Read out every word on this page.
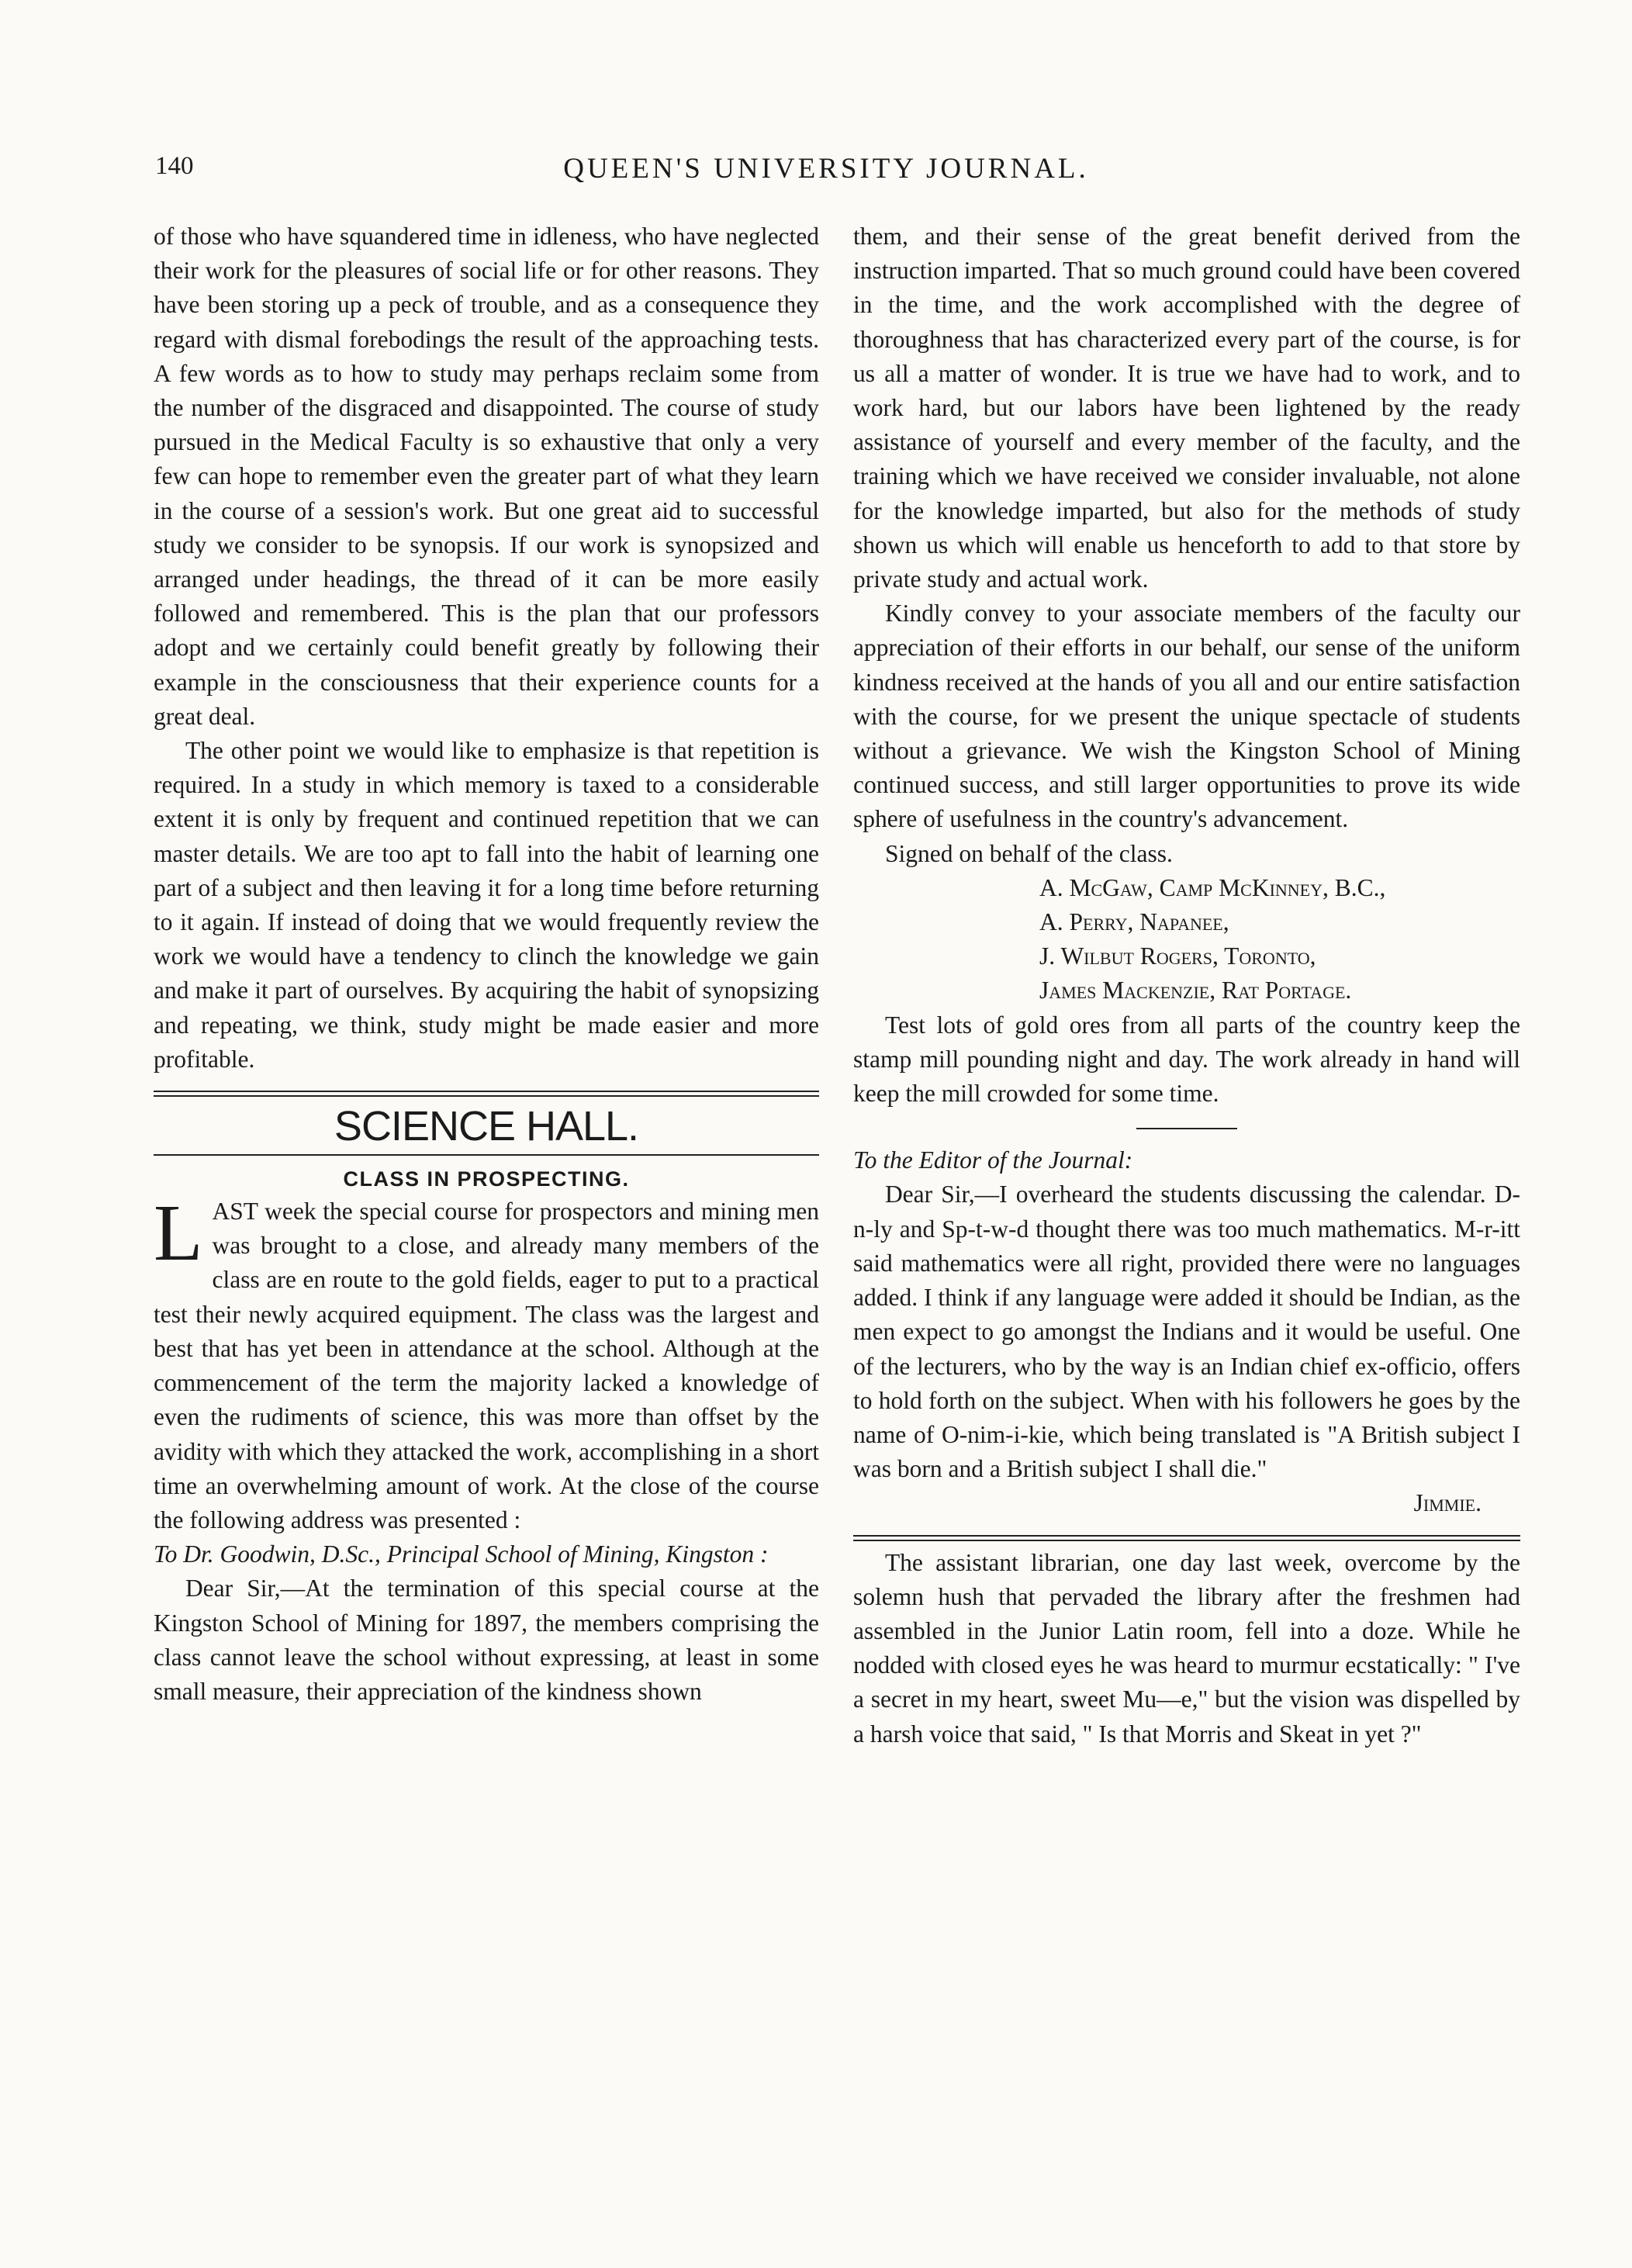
140	QUEEN'S UNIVERSITY JOURNAL.

of those who have squandered time in idleness, who have neglected their work for the pleasures of social life or for other reasons. They have been storing up a peck of trouble, and as a consequence they regard with dismal forebodings the result of the approaching tests. A few words as to how to study may perhaps reclaim some from the number of the disgraced and disappointed. The course of study pursued in the Medical Faculty is so exhaustive that only a very few can hope to remember even the greater part of what they learn in the course of a session's work. But one great aid to successful study we consider to be synopsis. If our work is synopsized and arranged under headings, the thread of it can be more easily followed and remembered. This is the plan that our professors adopt and we certainly could benefit greatly by following their example in the consciousness that their experience counts for a great deal.

The other point we would like to emphasize is that repetition is required. In a study in which memory is taxed to a considerable extent it is only by frequent and continued repetition that we can master details. We are too apt to fall into the habit of learning one part of a subject and then leaving it for a long time before returning to it again. If instead of doing that we would frequently review the work we would have a tendency to clinch the knowledge we gain and make it part of ourselves. By acquiring the habit of synopsizing and repeating, we think, study might be made easier and more profitable.

SCIENCE HALL.
CLASS IN PROSPECTING.

LAST week the special course for prospectors and mining men was brought to a close, and already many members of the class are en route to the gold fields, eager to put to a practical test their newly acquired equipment. The class was the largest and best that has yet been in attendance at the school. Although at the commencement of the term the majority lacked a knowledge of even the rudiments of science, this was more than offset by the avidity with which they attacked the work, accomplishing in a short time an overwhelming amount of work. At the close of the course the following address was presented :

To Dr. Goodwin, D.Sc., Principal School of Mining, Kingston :

Dear Sir,—At the termination of this special course at the Kingston School of Mining for 1897, the members comprising the class cannot leave the school without expressing, at least in some small measure, their appreciation of the kindness shown

them, and their sense of the great benefit derived from the instruction imparted. That so much ground could have been covered in the time, and the work accomplished with the degree of thoroughness that has characterized every part of the course, is for us all a matter of wonder. It is true we have had to work, and to work hard, but our labors have been lightened by the ready assistance of yourself and every member of the faculty, and the training which we have received we consider invaluable, not alone for the knowledge imparted, but also for the methods of study shown us which will enable us henceforth to add to that store by private study and actual work.

Kindly convey to your associate members of the faculty our appreciation of their efforts in our behalf, our sense of the uniform kindness received at the hands of you all and our entire satisfaction with the course, for we present the unique spectacle of students without a grievance. We wish the Kingston School of Mining continued success, and still larger opportunities to prove its wide sphere of usefulness in the country's advancement.

Signed on behalf of the class.

A. McGaw, Camp McKinney, B.C.,
A. Perry, Napanee,
J. Wilbut Rogers, Toronto,
James Mackenzie, Rat Portage.

Test lots of gold ores from all parts of the country keep the stamp mill pounding night and day. The work already in hand will keep the mill crowded for some time.

To the Editor of the Journal:

Dear Sir,—I overheard the students discussing the calendar. D-n-ly and Sp-t-w-d thought there was too much mathematics. M-r-itt said mathematics were all right, provided there were no languages added. I think if any language were added it should be Indian, as the men expect to go amongst the Indians and it would be useful. One of the lecturers, who by the way is an Indian chief ex-officio, offers to hold forth on the subject. When with his followers he goes by the name of O-nim-i-kie, which being translated is "A British subject I was born and a British subject I shall die."

Jimmie.

The assistant librarian, one day last week, overcome by the solemn hush that pervaded the library after the freshmen had assembled in the Junior Latin room, fell into a doze. While he nodded with closed eyes he was heard to murmur ecstatically: " I've a secret in my heart, sweet Mu—e," but the vision was dispelled by a harsh voice that said, " Is that Morris and Skeat in yet ?"
